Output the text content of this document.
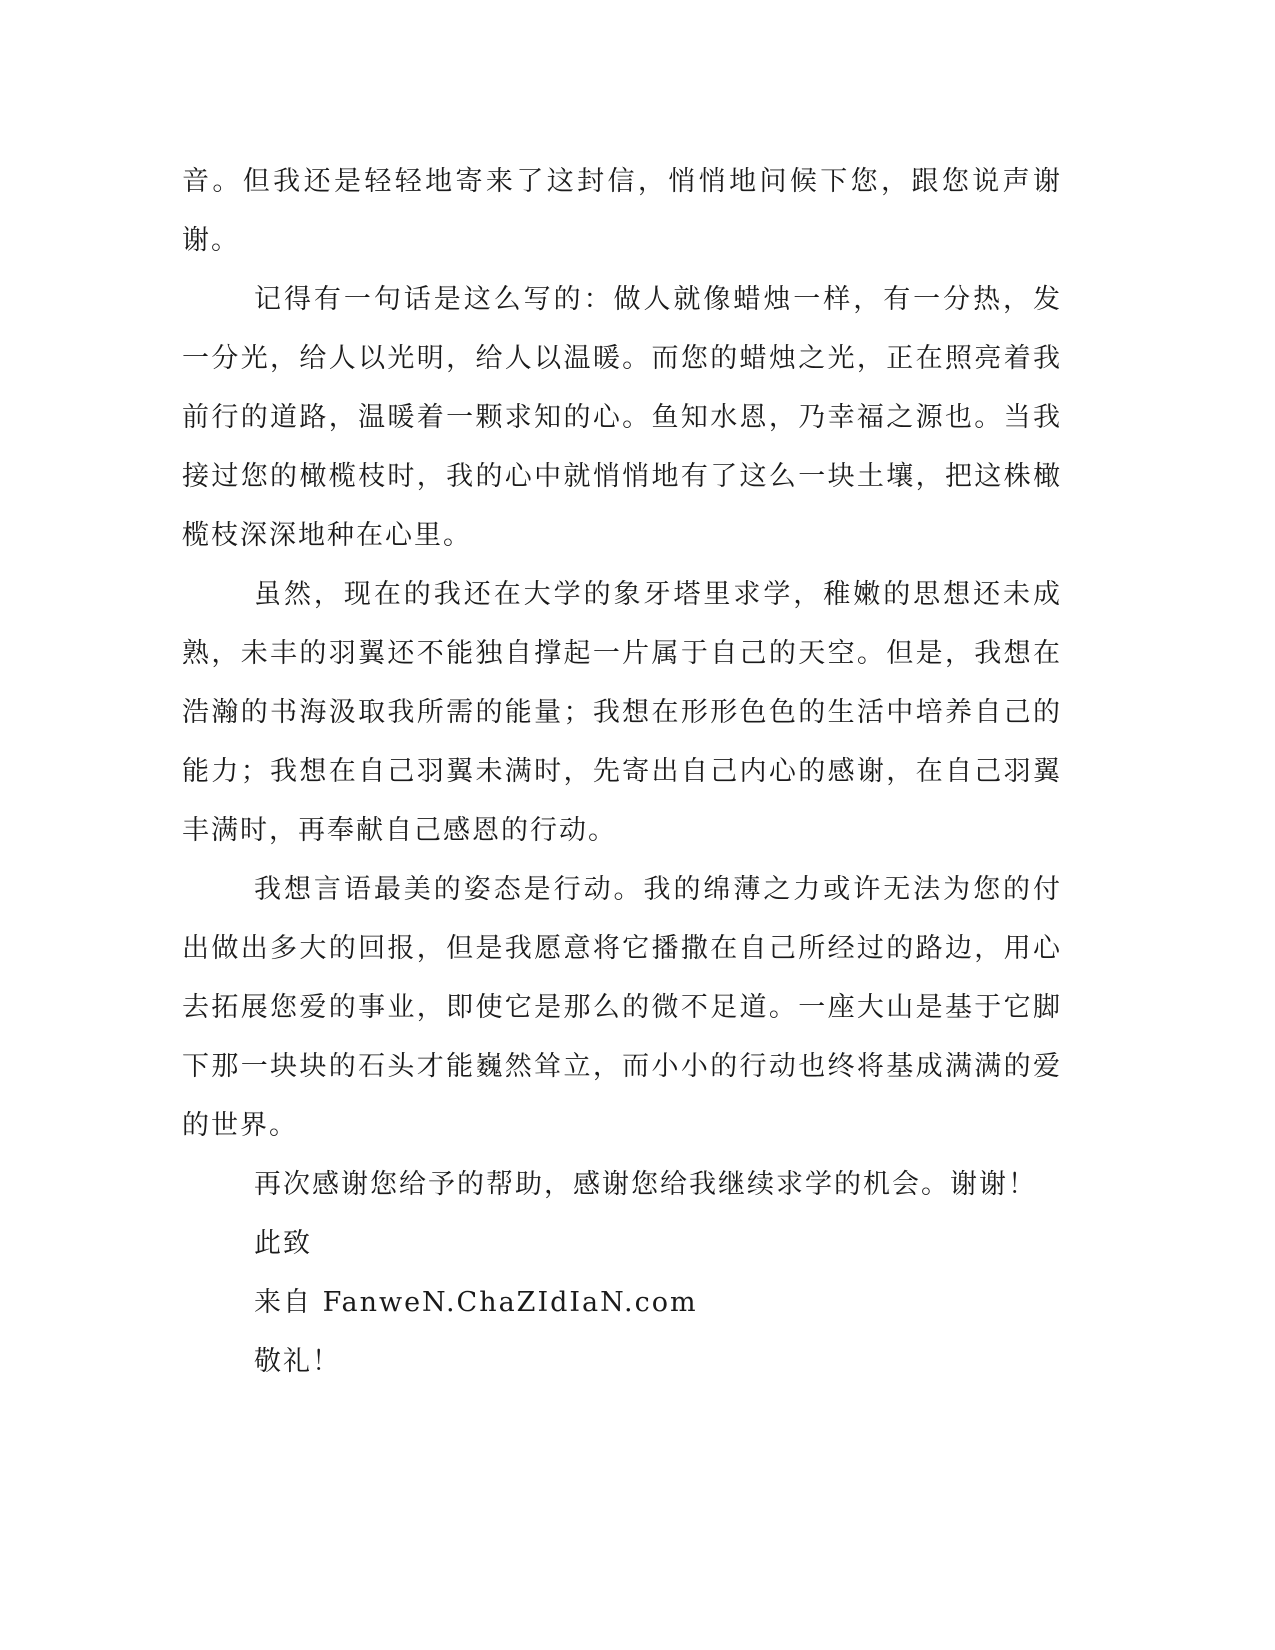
音。但我还是轻轻地寄来了这封信，悄悄地问候下您，跟您说声谢谢。

记得有一句话是这么写的：做人就像蜡烛一样，有一分热，发一分光，给人以光明，给人以温暖。而您的蜡烛之光，正在照亮着我前行的道路，温暖着一颗求知的心。鱼知水恩，乃幸福之源也。当我接过您的橄榄枝时，我的心中就悄悄地有了这么一块土壤，把这株橄榄枝深深地种在心里。

虽然，现在的我还在大学的象牙塔里求学，稚嫩的思想还未成熟，未丰的羽翼还不能独自撑起一片属于自己的天空。但是，我想在浩瀚的书海汲取我所需的能量；我想在形形色色的生活中培养自己的能力；我想在自己羽翼未满时，先寄出自己内心的感谢，在自己羽翼丰满时，再奉献自己感恩的行动。

我想言语最美的姿态是行动。我的绵薄之力或许无法为您的付出做出多大的回报，但是我愿意将它播撒在自己所经过的路边，用心去拓展您爱的事业，即使它是那么的微不足道。一座大山是基于它脚下那一块块的石头才能巍然耸立，而小小的行动也终将基成满满的爱的世界。

再次感谢您给予的帮助，感谢您给我继续求学的机会。谢谢！

此致

来自 FanweN.ChaZIdIaN.com

敬礼！
